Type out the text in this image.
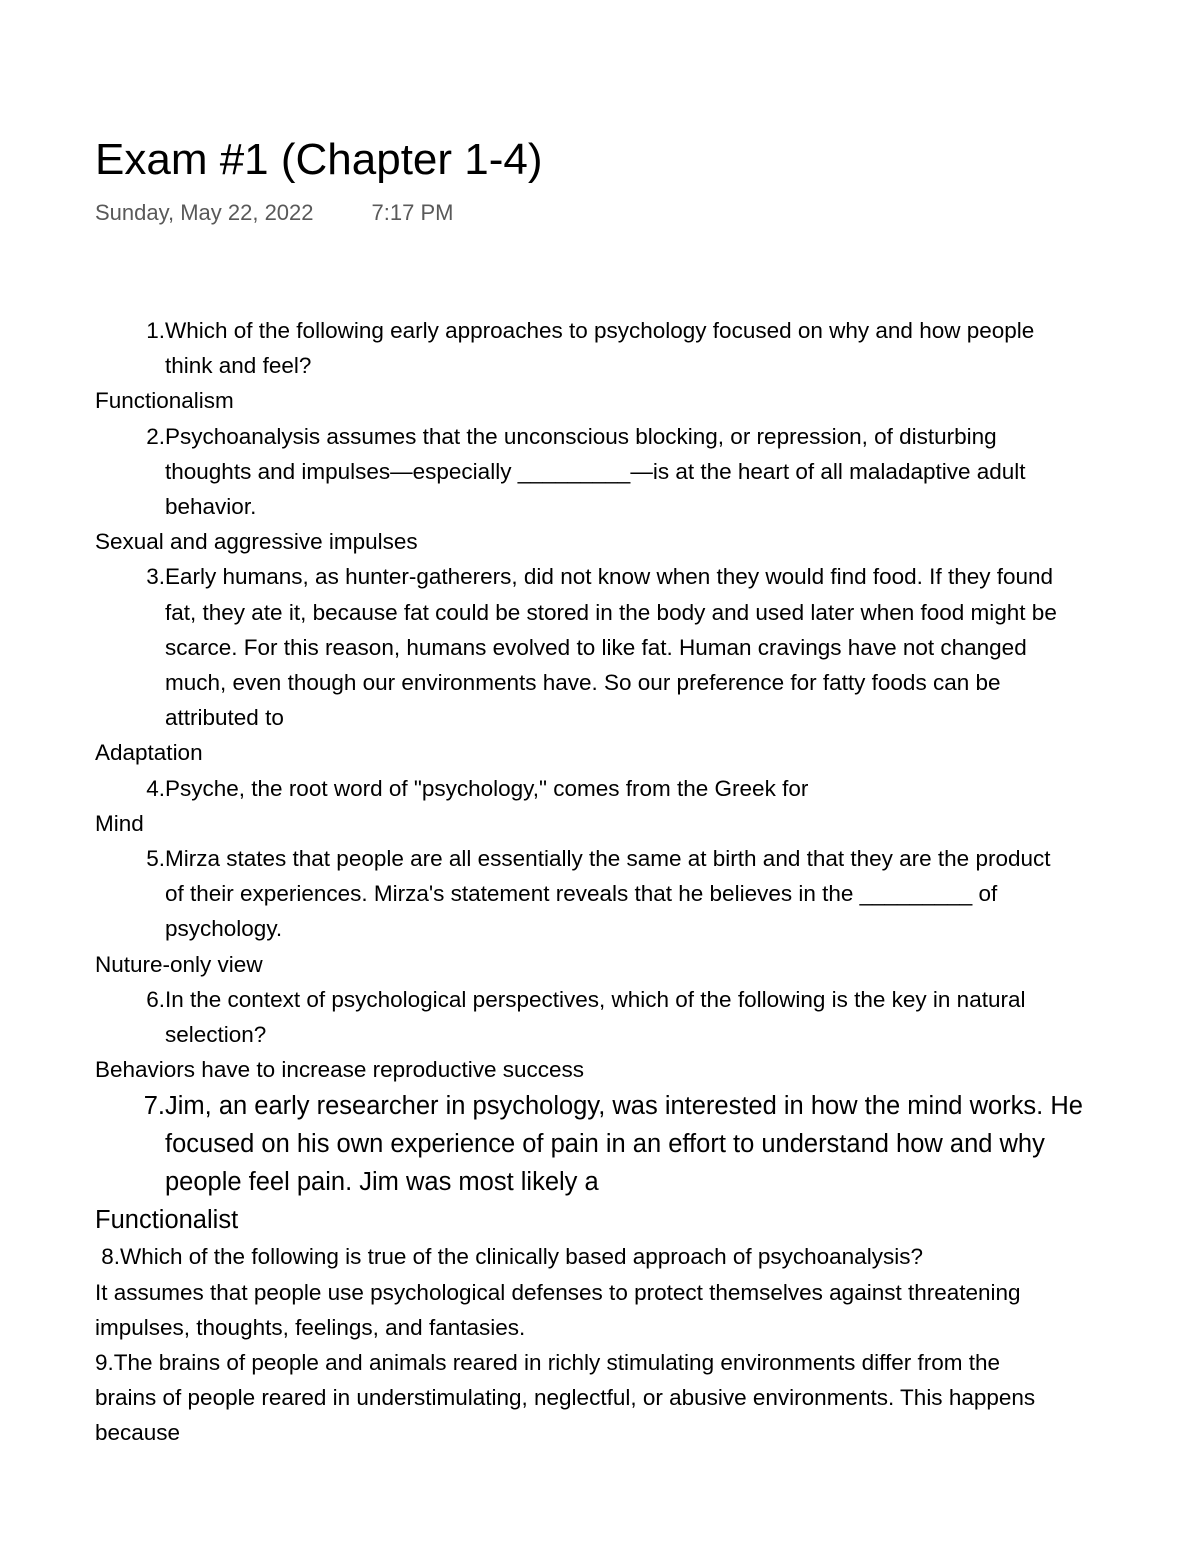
Exam #1 (Chapter 1-4)
Sunday, May 22, 2022	7:17 PM
1. Which of the following early approaches to psychology focused on why and how people
think and feel?
Functionalism
2. Psychoanalysis assumes that the unconscious blocking, or repression, of disturbing
thoughts and impulses—especially _________—is at the heart of all maladaptive adult
behavior.
Sexual and aggressive impulses
3. Early humans, as hunter-gatherers, did not know when they would find food. If they found
fat, they ate it, because fat could be stored in the body and used later when food might be
scarce. For this reason, humans evolved to like fat. Human cravings have not changed
much, even though our environments have. So our preference for fatty foods can be
attributed to
Adaptation
4. Psyche, the root word of "psychology," comes from the Greek for
Mind
5. Mirza states that people are all essentially the same at birth and that they are the product
of their experiences. Mirza's statement reveals that he believes in the _________ of
psychology.
Nuture-only view
6. In the context of psychological perspectives, which of the following is the key in natural
selection?
Behaviors have to increase reproductive success
7. Jim, an early researcher in psychology, was interested in how the mind works. He
focused on his own experience of pain in an effort to understand how and why
people feel pain. Jim was most likely a
Functionalist
8.Which of the following is true of the clinically based approach of psychoanalysis?
It assumes that people use psychological defenses to protect themselves against threatening
impulses, thoughts, feelings, and fantasies.
9.The brains of people and animals reared in richly stimulating environments differ from the
brains of people reared in understimulating, neglectful, or abusive environments. This happens
because
